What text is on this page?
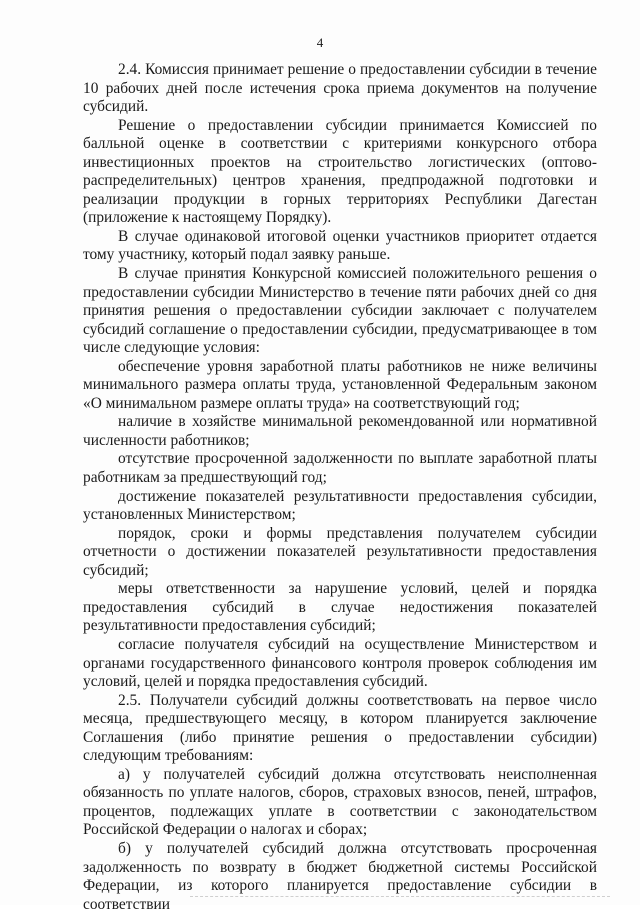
4

2.4. Комиссия принимает решение о предоставлении субсидии в течение 10 рабочих дней после истечения срока приема документов на получение субсидий.

Решение о предоставлении субсидии принимается Комиссией по балльной оценке в соответствии с критериями конкурсного отбора инвестиционных проектов на строительство логистических (оптово-распределительных) центров хранения, предпродажной подготовки и реализации продукции в горных территориях Республики Дагестан (приложение к настоящему Порядку).

В случае одинаковой итоговой оценки участников приоритет отдается тому участнику, который подал заявку раньше.

В случае принятия Конкурсной комиссией положительного решения о предоставлении субсидии Министерство в течение пяти рабочих дней со дня принятия решения о предоставлении субсидии заключает с получателем субсидий соглашение о предоставлении субсидии, предусматривающее в том числе следующие условия:

обеспечение уровня заработной платы работников не ниже величины минимального размера оплаты труда, установленной Федеральным законом «О минимальном размере оплаты труда» на соответствующий год;

наличие в хозяйстве минимальной рекомендованной или нормативной численности работников;

отсутствие просроченной задолженности по выплате заработной платы работникам за предшествующий год;

достижение показателей результативности предоставления субсидии, установленных Министерством;

порядок, сроки и формы представления получателем субсидии отчетности о достижении показателей результативности предоставления субсидий;

меры ответственности за нарушение условий, целей и порядка предоставления субсидий в случае недостижения показателей результативности предоставления субсидий;

согласие получателя субсидий на осуществление Министерством и органами государственного финансового контроля проверок соблюдения им условий, целей и порядка предоставления субсидий.

2.5. Получатели субсидий должны соответствовать на первое число месяца, предшествующего месяцу, в котором планируется заключение Соглашения (либо принятие решения о предоставлении субсидии) следующим требованиям:

а) у получателей субсидий должна отсутствовать неисполненная обязанность по уплате налогов, сборов, страховых взносов, пеней, штрафов, процентов, подлежащих уплате в соответствии с законодательством Российской Федерации о налогах и сборах;

б) у получателей субсидий должна отсутствовать просроченная задолженность по возврату в бюджет бюджетной системы Российской Федерации, из которого планируется предоставление субсидии в соответствии
